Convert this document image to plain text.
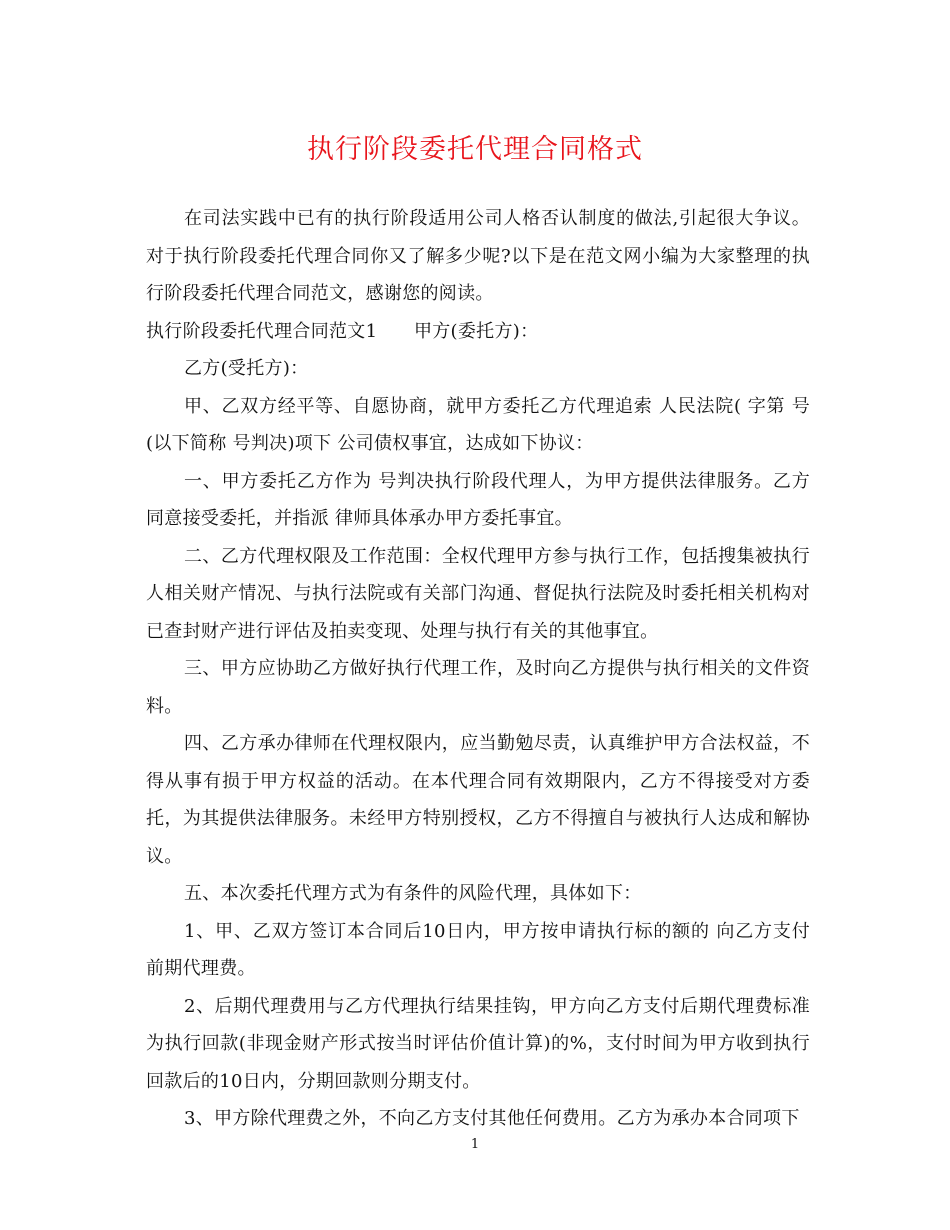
执行阶段委托代理合同格式

在司法实践中已有的执行阶段适用公司人格否认制度的做法,引起很大争议。对于执行阶段委托代理合同你又了解多少呢?以下是在范文网小编为大家整理的执行阶段委托代理合同范文，感谢您的阅读。

执行阶段委托代理合同范文1　　甲方(委托方)：

乙方(受托方)：

甲、乙双方经平等、自愿协商，就甲方委托乙方代理追索 人民法院( 字第 号(以下简称 号判决)项下 公司债权事宜，达成如下协议：

一、甲方委托乙方作为 号判决执行阶段代理人，为甲方提供法律服务。乙方同意接受委托，并指派 律师具体承办甲方委托事宜。

二、乙方代理权限及工作范围：全权代理甲方参与执行工作，包括搜集被执行人相关财产情况、与执行法院或有关部门沟通、督促执行法院及时委托相关机构对已查封财产进行评估及拍卖变现、处理与执行有关的其他事宜。

三、甲方应协助乙方做好执行代理工作，及时向乙方提供与执行相关的文件资料。

四、乙方承办律师在代理权限内，应当勤勉尽责，认真维护甲方合法权益，不得从事有损于甲方权益的活动。在本代理合同有效期限内，乙方不得接受对方委托，为其提供法律服务。未经甲方特别授权，乙方不得擅自与被执行人达成和解协议。

五、本次委托代理方式为有条件的风险代理，具体如下：

1、甲、乙双方签订本合同后10日内，甲方按申请执行标的额的 向乙方支付前期代理费。

2、后期代理费用与乙方代理执行结果挂钩，甲方向乙方支付后期代理费标准为执行回款(非现金财产形式按当时评估价值计算)的%，支付时间为甲方收到执行回款后的10日内，分期回款则分期支付。

3、甲方除代理费之外，不向乙方支付其他任何费用。乙方为承办本合同项下

1
